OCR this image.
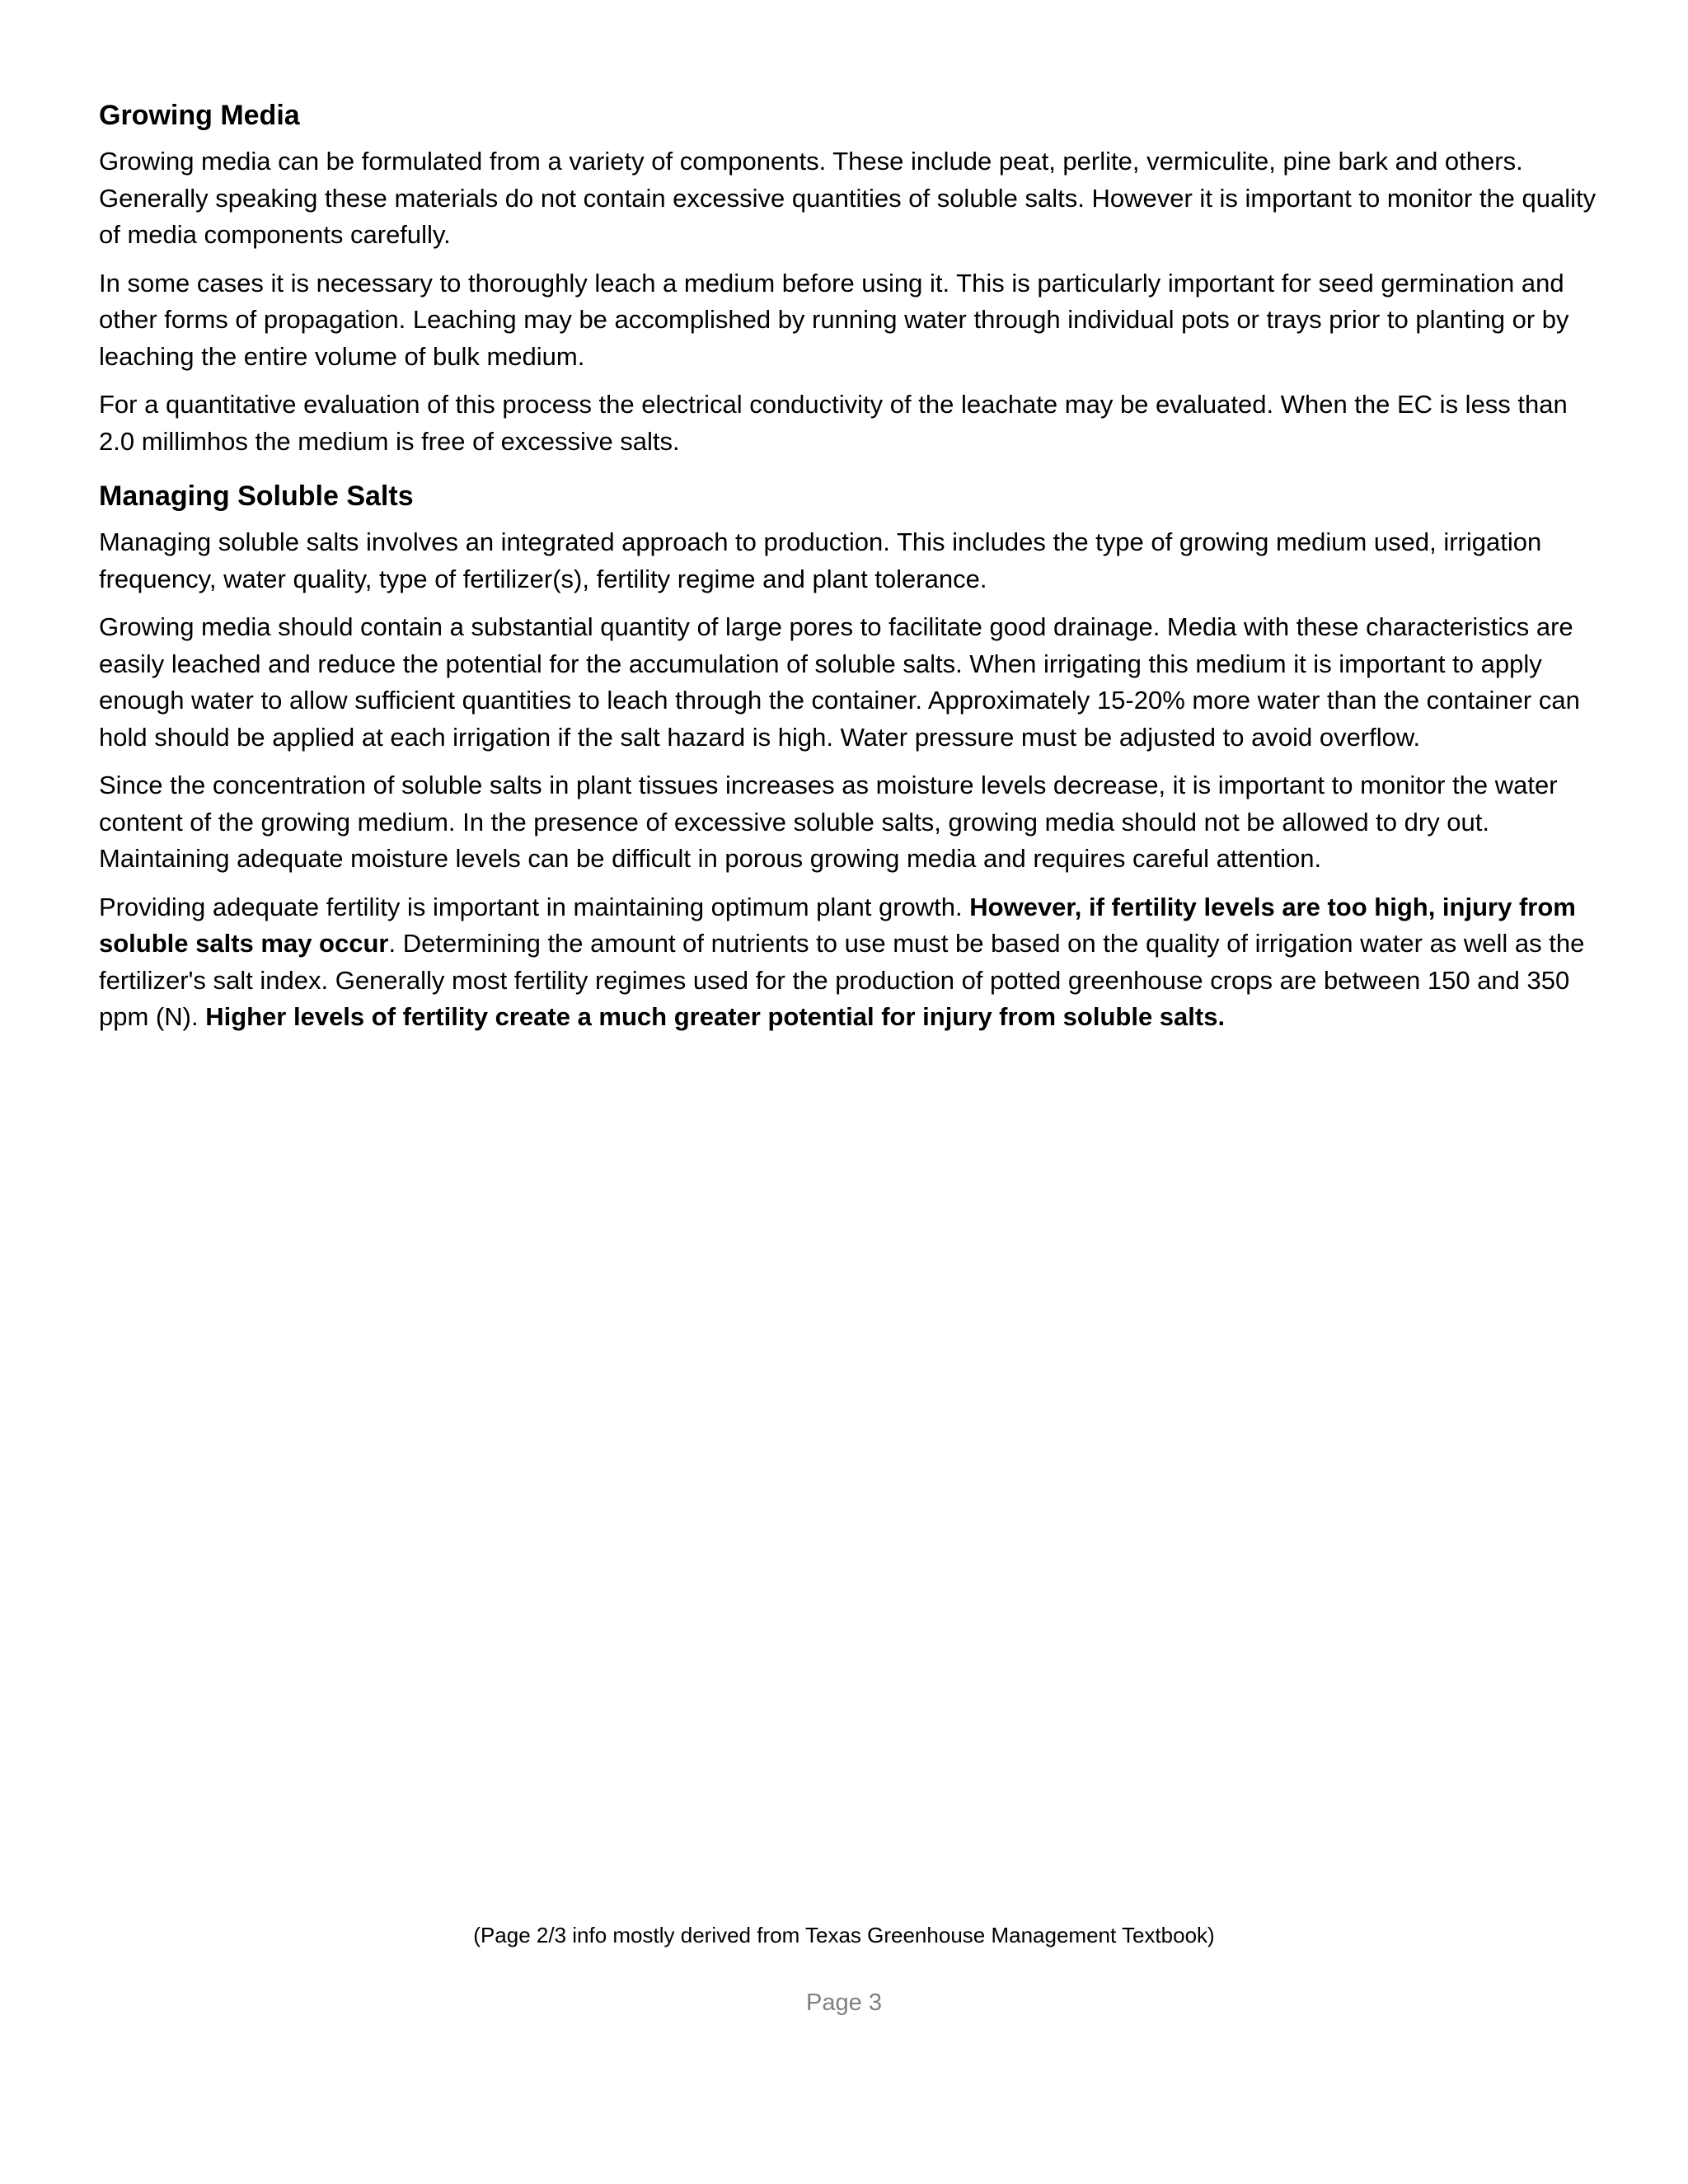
Growing Media

Growing media can be formulated from a variety of components. These include peat, perlite, vermiculite, pine bark and others. Generally speaking these materials do not contain excessive quantities of soluble salts. However it is important to monitor the quality of media components carefully.

In some cases it is necessary to thoroughly leach a medium before using it. This is particularly important for seed germination and other forms of propagation. Leaching may be accomplished by running water through individual pots or trays prior to planting or by leaching the entire volume of bulk medium.

For a quantitative evaluation of this process the electrical conductivity of the leachate may be evaluated. When the EC is less than 2.0 millimhos the medium is free of excessive salts.

Managing Soluble Salts

Managing soluble salts involves an integrated approach to production. This includes the type of growing medium used, irrigation frequency, water quality, type of fertilizer(s), fertility regime and plant tolerance.

Growing media should contain a substantial quantity of large pores to facilitate good drainage. Media with these characteristics are easily leached and reduce the potential for the accumulation of soluble salts. When irrigating this medium it is important to apply enough water to allow sufficient quantities to leach through the container. Approximately 15-20% more water than the container can hold should be applied at each irrigation if the salt hazard is high. Water pressure must be adjusted to avoid overflow.

Since the concentration of soluble salts in plant tissues increases as moisture levels decrease, it is important to monitor the water content of the growing medium. In the presence of excessive soluble salts, growing media should not be allowed to dry out. Maintaining adequate moisture levels can be difficult in porous growing media and requires careful attention.

Providing adequate fertility is important in maintaining optimum plant growth. However, if fertility levels are too high, injury from soluble salts may occur. Determining the amount of nutrients to use must be based on the quality of irrigation water as well as the fertilizer's salt index. Generally most fertility regimes used for the production of potted greenhouse crops are between 150 and 350 ppm (N). Higher levels of fertility create a much greater potential for injury from soluble salts.

(Page 2/3 info mostly derived from Texas Greenhouse Management Textbook)
Page 3
